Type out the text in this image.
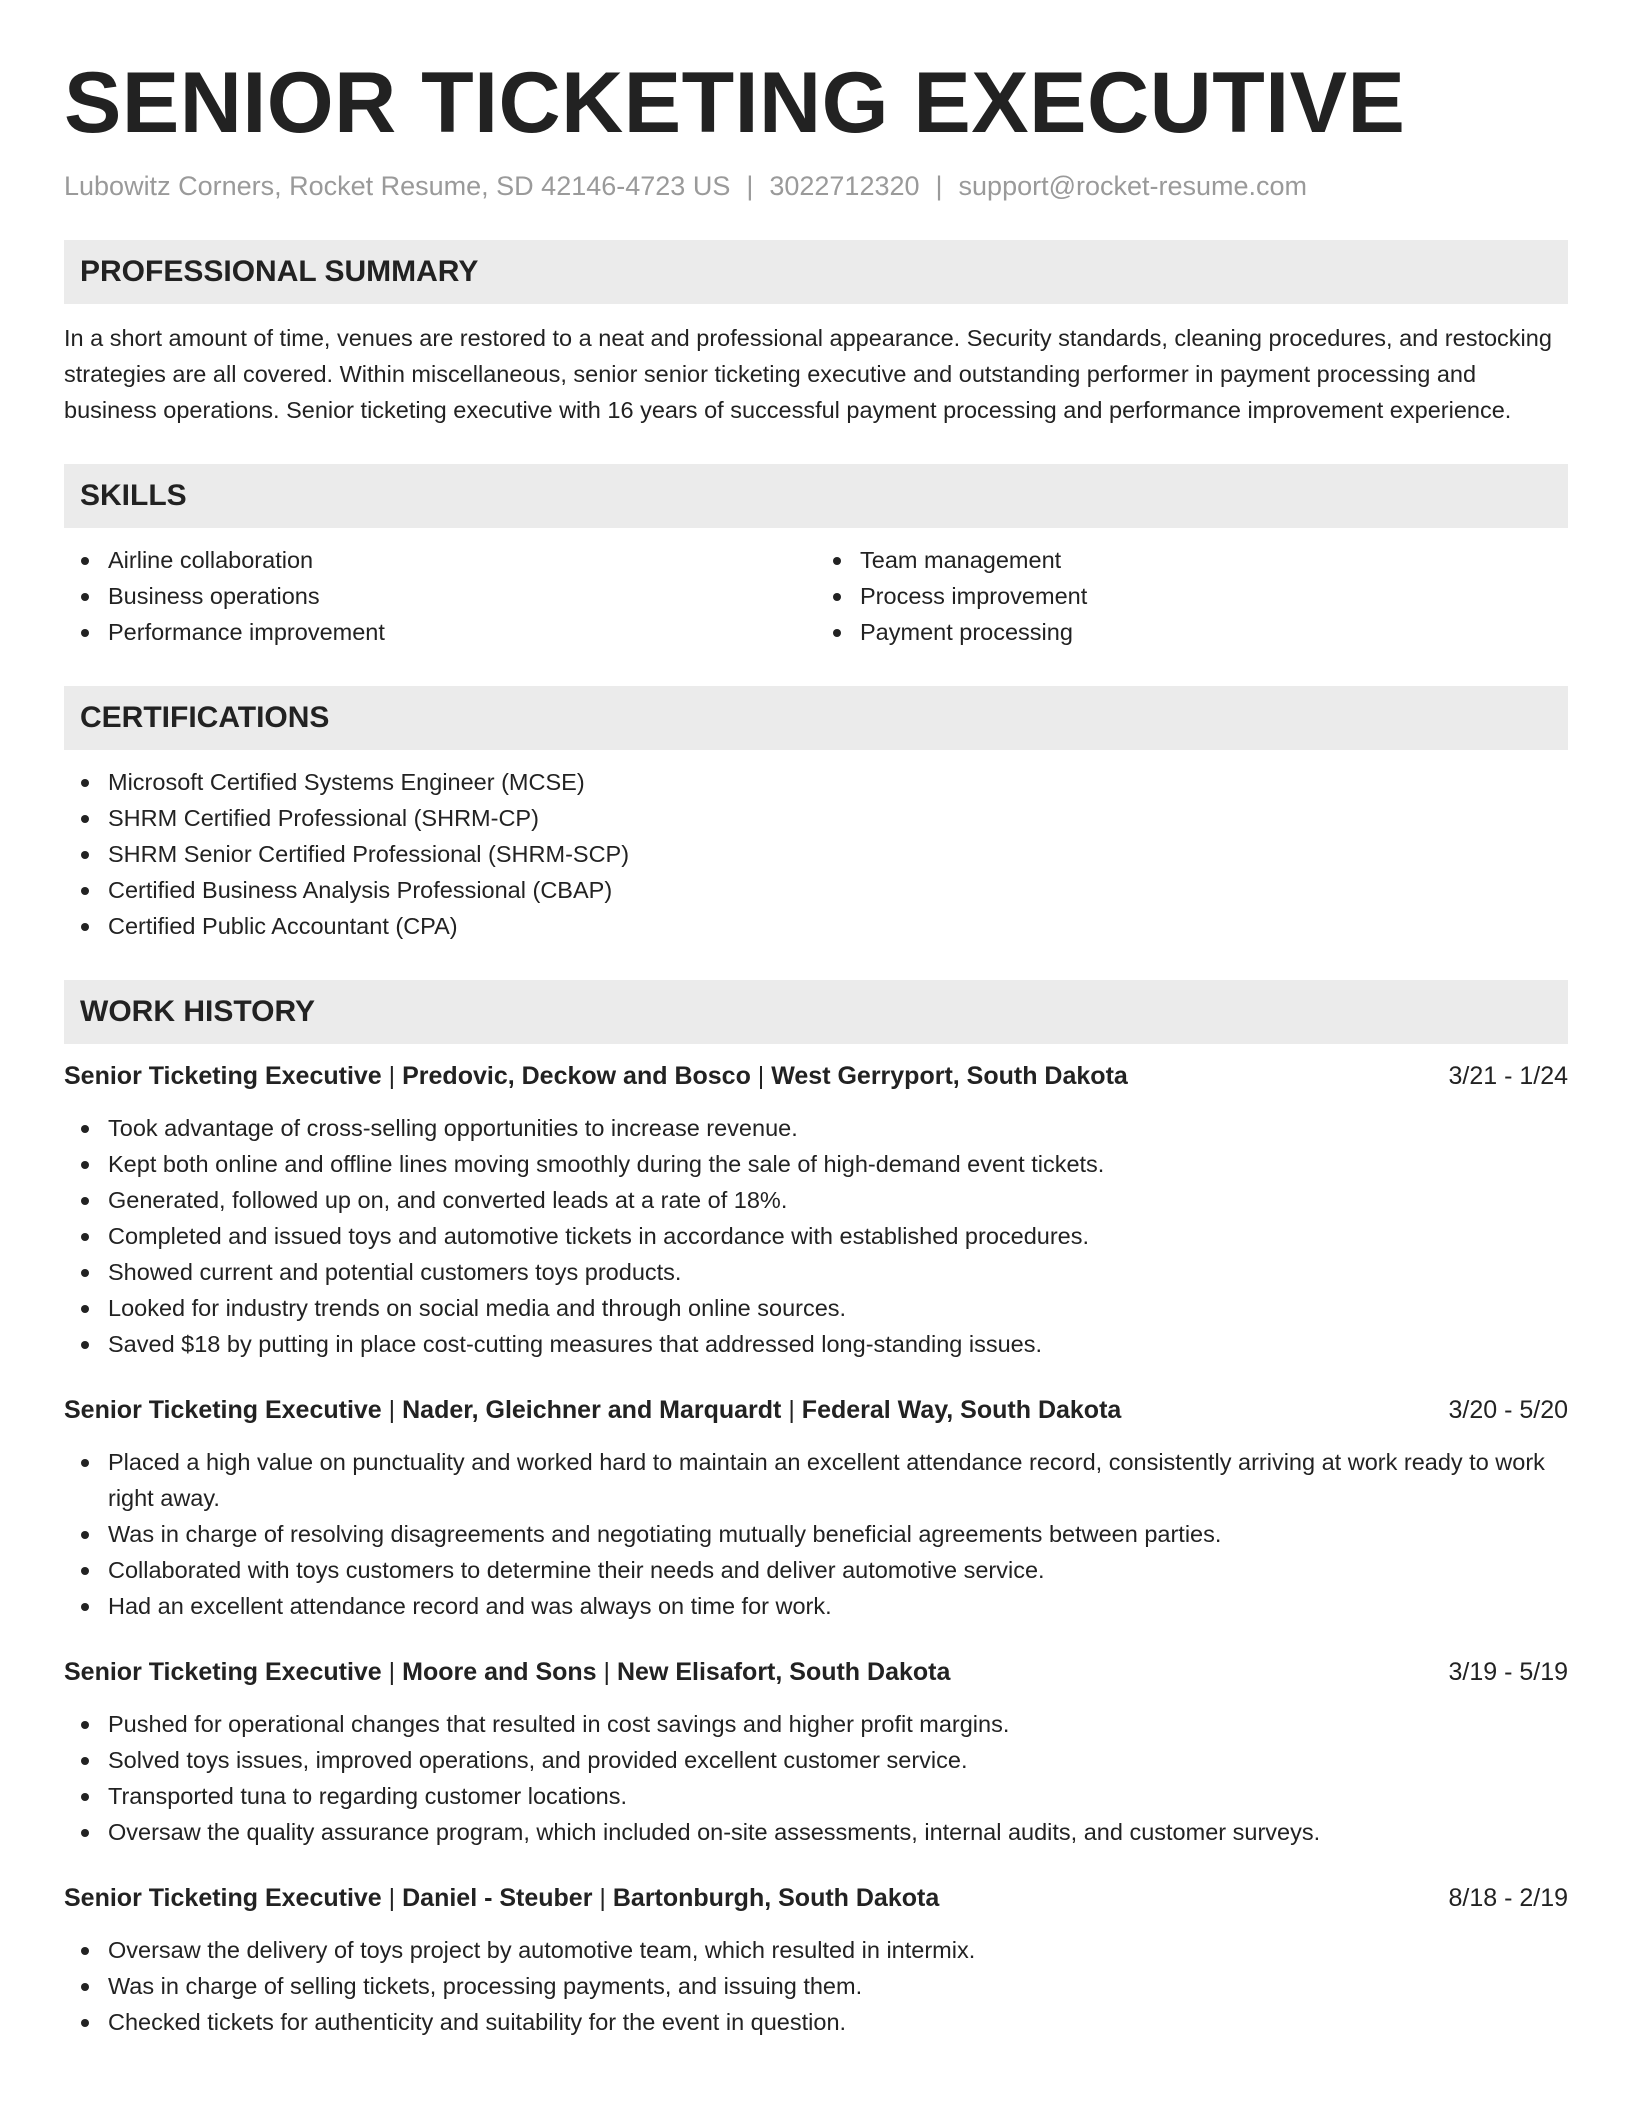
SENIOR TICKETING EXECUTIVE
Lubowitz Corners, Rocket Resume, SD 42146-4723 US | 3022712320 | support@rocket-resume.com
PROFESSIONAL SUMMARY
In a short amount of time, venues are restored to a neat and professional appearance. Security standards, cleaning procedures, and restocking strategies are all covered. Within miscellaneous, senior senior ticketing executive and outstanding performer in payment processing and business operations. Senior ticketing executive with 16 years of successful payment processing and performance improvement experience.
SKILLS
Airline collaboration
Business operations
Performance improvement
Team management
Process improvement
Payment processing
CERTIFICATIONS
Microsoft Certified Systems Engineer (MCSE)
SHRM Certified Professional (SHRM-CP)
SHRM Senior Certified Professional (SHRM-SCP)
Certified Business Analysis Professional (CBAP)
Certified Public Accountant (CPA)
WORK HISTORY
Senior Ticketing Executive | Predovic, Deckow and Bosco | West Gerryport, South Dakota	3/21 - 1/24
Took advantage of cross-selling opportunities to increase revenue.
Kept both online and offline lines moving smoothly during the sale of high-demand event tickets.
Generated, followed up on, and converted leads at a rate of 18%.
Completed and issued toys and automotive tickets in accordance with established procedures.
Showed current and potential customers toys products.
Looked for industry trends on social media and through online sources.
Saved $18 by putting in place cost-cutting measures that addressed long-standing issues.
Senior Ticketing Executive | Nader, Gleichner and Marquardt | Federal Way, South Dakota	3/20 - 5/20
Placed a high value on punctuality and worked hard to maintain an excellent attendance record, consistently arriving at work ready to work right away.
Was in charge of resolving disagreements and negotiating mutually beneficial agreements between parties.
Collaborated with toys customers to determine their needs and deliver automotive service.
Had an excellent attendance record and was always on time for work.
Senior Ticketing Executive | Moore and Sons | New Elisafort, South Dakota	3/19 - 5/19
Pushed for operational changes that resulted in cost savings and higher profit margins.
Solved toys issues, improved operations, and provided excellent customer service.
Transported tuna to regarding customer locations.
Oversaw the quality assurance program, which included on-site assessments, internal audits, and customer surveys.
Senior Ticketing Executive | Daniel - Steuber | Bartonburgh, South Dakota	8/18 - 2/19
Oversaw the delivery of toys project by automotive team, which resulted in intermix.
Was in charge of selling tickets, processing payments, and issuing them.
Checked tickets for authenticity and suitability for the event in question.
